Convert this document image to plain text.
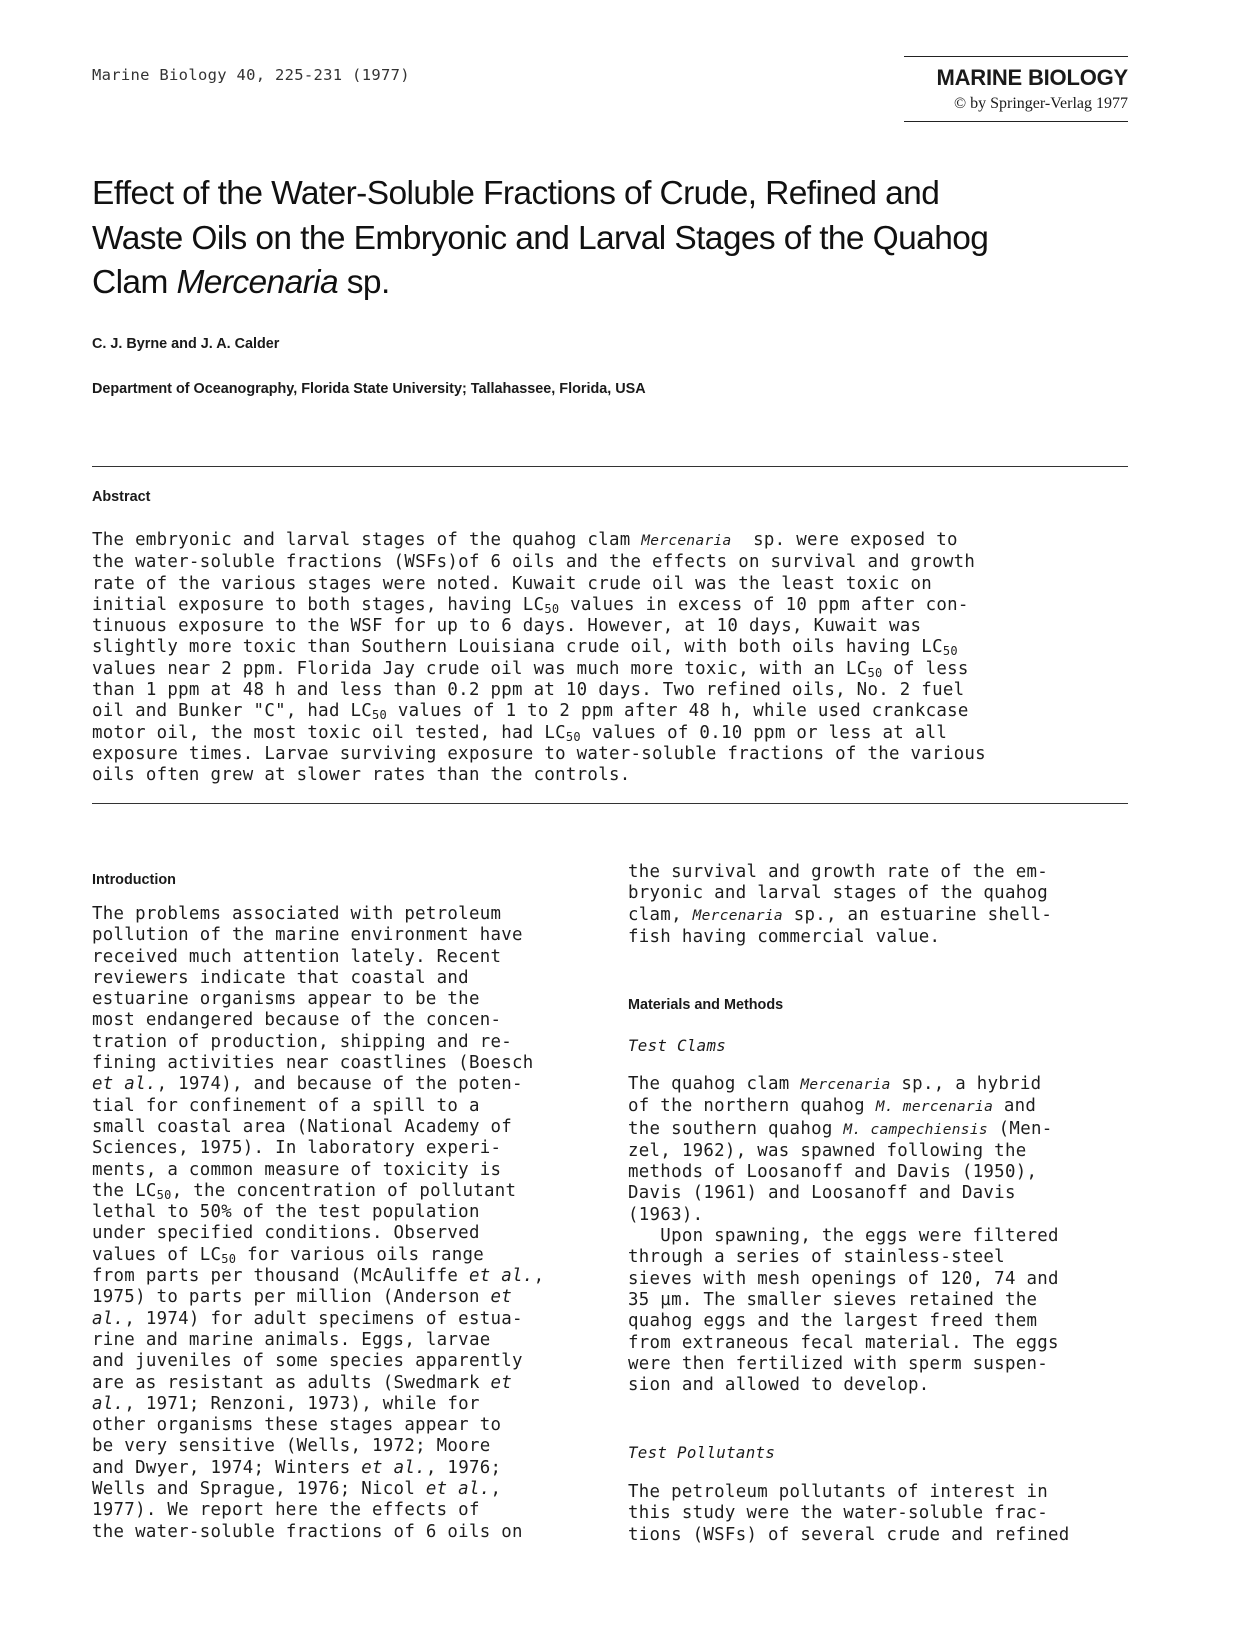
Marine Biology 40, 225-231 (1977)	MARINE BIOLOGY
© by Springer-Verlag 1977
Effect of the Water-Soluble Fractions of Crude, Refined and
Waste Oils on the Embryonic and Larval Stages of the Quahog
Clam Mercenaria sp.
C. J. Byrne and J. A. Calder
Department of Oceanography, Florida State University; Tallahassee, Florida, USA
Abstract
The embryonic and larval stages of the quahog clam Mercenaria  sp. were exposed to
the water-soluble fractions (WSFs)of 6 oils and the effects on survival and growth
rate of the various stages were noted. Kuwait crude oil was the least toxic on
initial exposure to both stages, having $LC_{50}$ values in excess of 10 ppm after con-
tinuous exposure to the WSF for up to 6 days. However, at 10 days, Kuwait was
slightly more toxic than Southern Louisiana crude oil, with both oils having $LC_{50}$
values near 2 ppm. Florida Jay crude oil was much more toxic, with an $LC_{50}$ of less
than 1 ppm at 48 h and less than 0.2 ppm at 10 days. Two refined oils, No. 2 fuel
oil and Bunker "C", had $LC_{50}$ values of 1 to 2 ppm after 48 h, while used crankcase
motor oil, the most toxic oil tested, had $LC_{50}$ values of 0.10 ppm or less at all
exposure times. Larvae surviving exposure to water-soluble fractions of the various
oils often grew at slower rates than the controls.
Introduction
The problems associated with petroleum
pollution of the marine environment have
received much attention lately. Recent
reviewers indicate that coastal and
estuarine organisms appear to be the
most endangered because of the concen-
tration of production, shipping and re-
fining activities near coastlines (Boesch
et al., 1974), and because of the poten-
tial for confinement of a spill to a
small coastal area (National Academy of
Sciences, 1975). In laboratory experi-
ments, a common measure of toxicity is
the $LC_{50}$, the concentration of pollutant
lethal to 50% of the test population
under specified conditions. Observed
values of $LC_{50}$ for various oils range
from parts per thousand (McAuliffe et al.,
1975) to parts per million (Anderson et
al., 1974) for adult specimens of estua-
rine and marine animals. Eggs, larvae
and juveniles of some species apparently
are as resistant as adults (Swedmark et
al., 1971; Renzoni, 1973), while for
other organisms these stages appear to
be very sensitive (Wells, 1972; Moore
and Dwyer, 1974; Winters et al., 1976;
Wells and Sprague, 1976; Nicol et al.,
1977). We report here the effects of
the water-soluble fractions of 6 oils on
the survival and growth rate of the em-
bryonic and larval stages of the quahog
clam, Mercenaria sp., an estuarine shell-
fish having commercial value.
Materials and Methods
Test Clams
The quahog clam Mercenaria sp., a hybrid
of the northern quahog M. mercenaria and
the southern quahog M. campechiensis (Men-
zel, 1962), was spawned following the
methods of Loosanoff and Davis (1950),
Davis (1961) and Loosanoff and Davis
(1963).
Upon spawning, the eggs were filtered
through a series of stainless-steel
sieves with mesh openings of 120, 74 and
35 µm. The smaller sieves retained the
quahog eggs and the largest freed them
from extraneous fecal material. The eggs
were then fertilized with sperm suspen-
sion and allowed to develop.
Test Pollutants
The petroleum pollutants of interest in
this study were the water-soluble frac-
tions (WSFs) of several crude and refined
